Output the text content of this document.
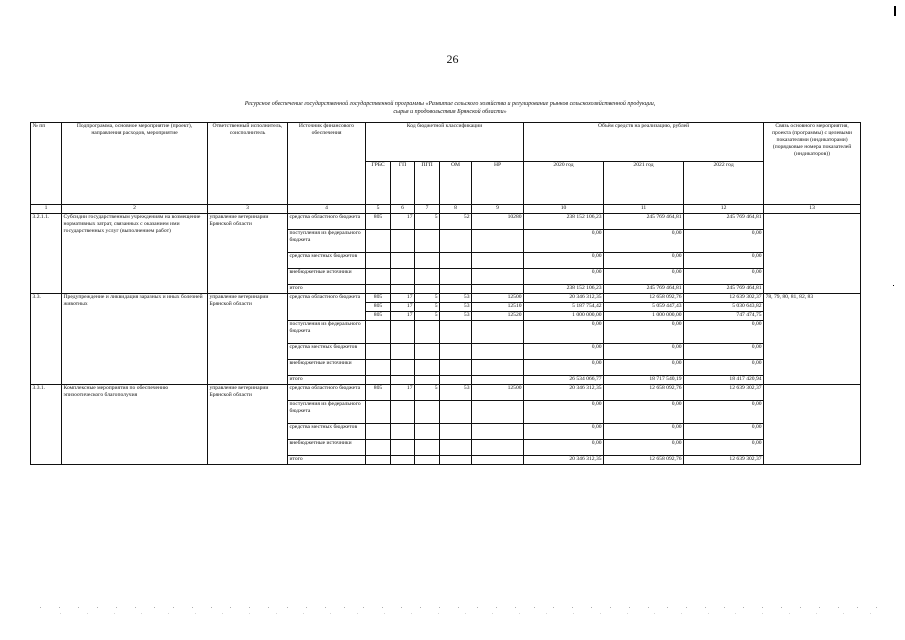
26
Ресурсное обеспечение государственной государственной программы «Развитие сельского хозяйства и регулирование рынков сельскохозяйственной продукции,
сырья и продовольствия Брянской области»
№ пп	Подпрограмма, основное мероприятие (проект), направления расходов, мероприятие	Ответственный исполнитель, соисполнитель	Источник финансового обеспечения	Код бюджетной классификации					Объём средств на реализацию, рублей			Связь основного мероприятия, проекта (программы) с целевыми показателями (индикаторами) (порядковые номера показателей (индикаторов))
				ГРБС	ГП	ПГП	ОМ	НР	2020 год	2021 год	2022 год	
1	2	3	4	5	6	7	8	9	10	11	12	13
3.2.1.1.	Субсидии государственным учреждениям на возмещение нормативных затрат, связанных с оказанием ими государственных услуг (выполнением работ)	управление ветеринарии Брянской области	средства областного бюджета	805	17	5	52	10280	238 152 106,23	245 769 464,81	245 769 464,81	
			поступления из федерального бюджета						0,00	0,00	0,00	
			средства местных бюджетов						0,00	0,00	0,00	
			внебюджетные источники						0,00	0,00	0,00	
			итого						238 152 106,23	245 769 464,81	245 769 464,81	
3.3.	Предупреждение и ликвидация заразных и иных болезней животных	управление ветеринарии Брянской области	средства областного бюджета	805	17	5	53	12500	20 346 312,35	12 658 092,76	12 639 302,37	78, 79, 80, 81, 82, 83
				805	17	5	53	12510	5 187 754,42	5 059 447,43	5 030 643,82	
				805	17	5	53	12520	1 000 000,00	1 000 000,00	747 474,75	
			поступления из федерального бюджета						0,00	0,00	0,00	
			средства местных бюджетов						0,00	0,00	0,00	
			внебюджетные источники						0,00	0,00	0,00	
			итого						26 534 066,77	18 717 540,19	18 417 420,94	
3.3.1.	Комплексные мероприятия по обеспечению эпизоотического благополучия	управление ветеринарии Брянской области	средства областного бюджета	805	17	5	53	12500	20 346 312,35	12 658 092,76	12 639 302,37	
			поступления из федерального бюджета						0,00	0,00	0,00	
			средства местных бюджетов						0,00	0,00	0,00	
			внебюджетные источники						0,00	0,00	0,00	
			итого						20 346 312,35	12 658 092,76	12 639 302,37	
